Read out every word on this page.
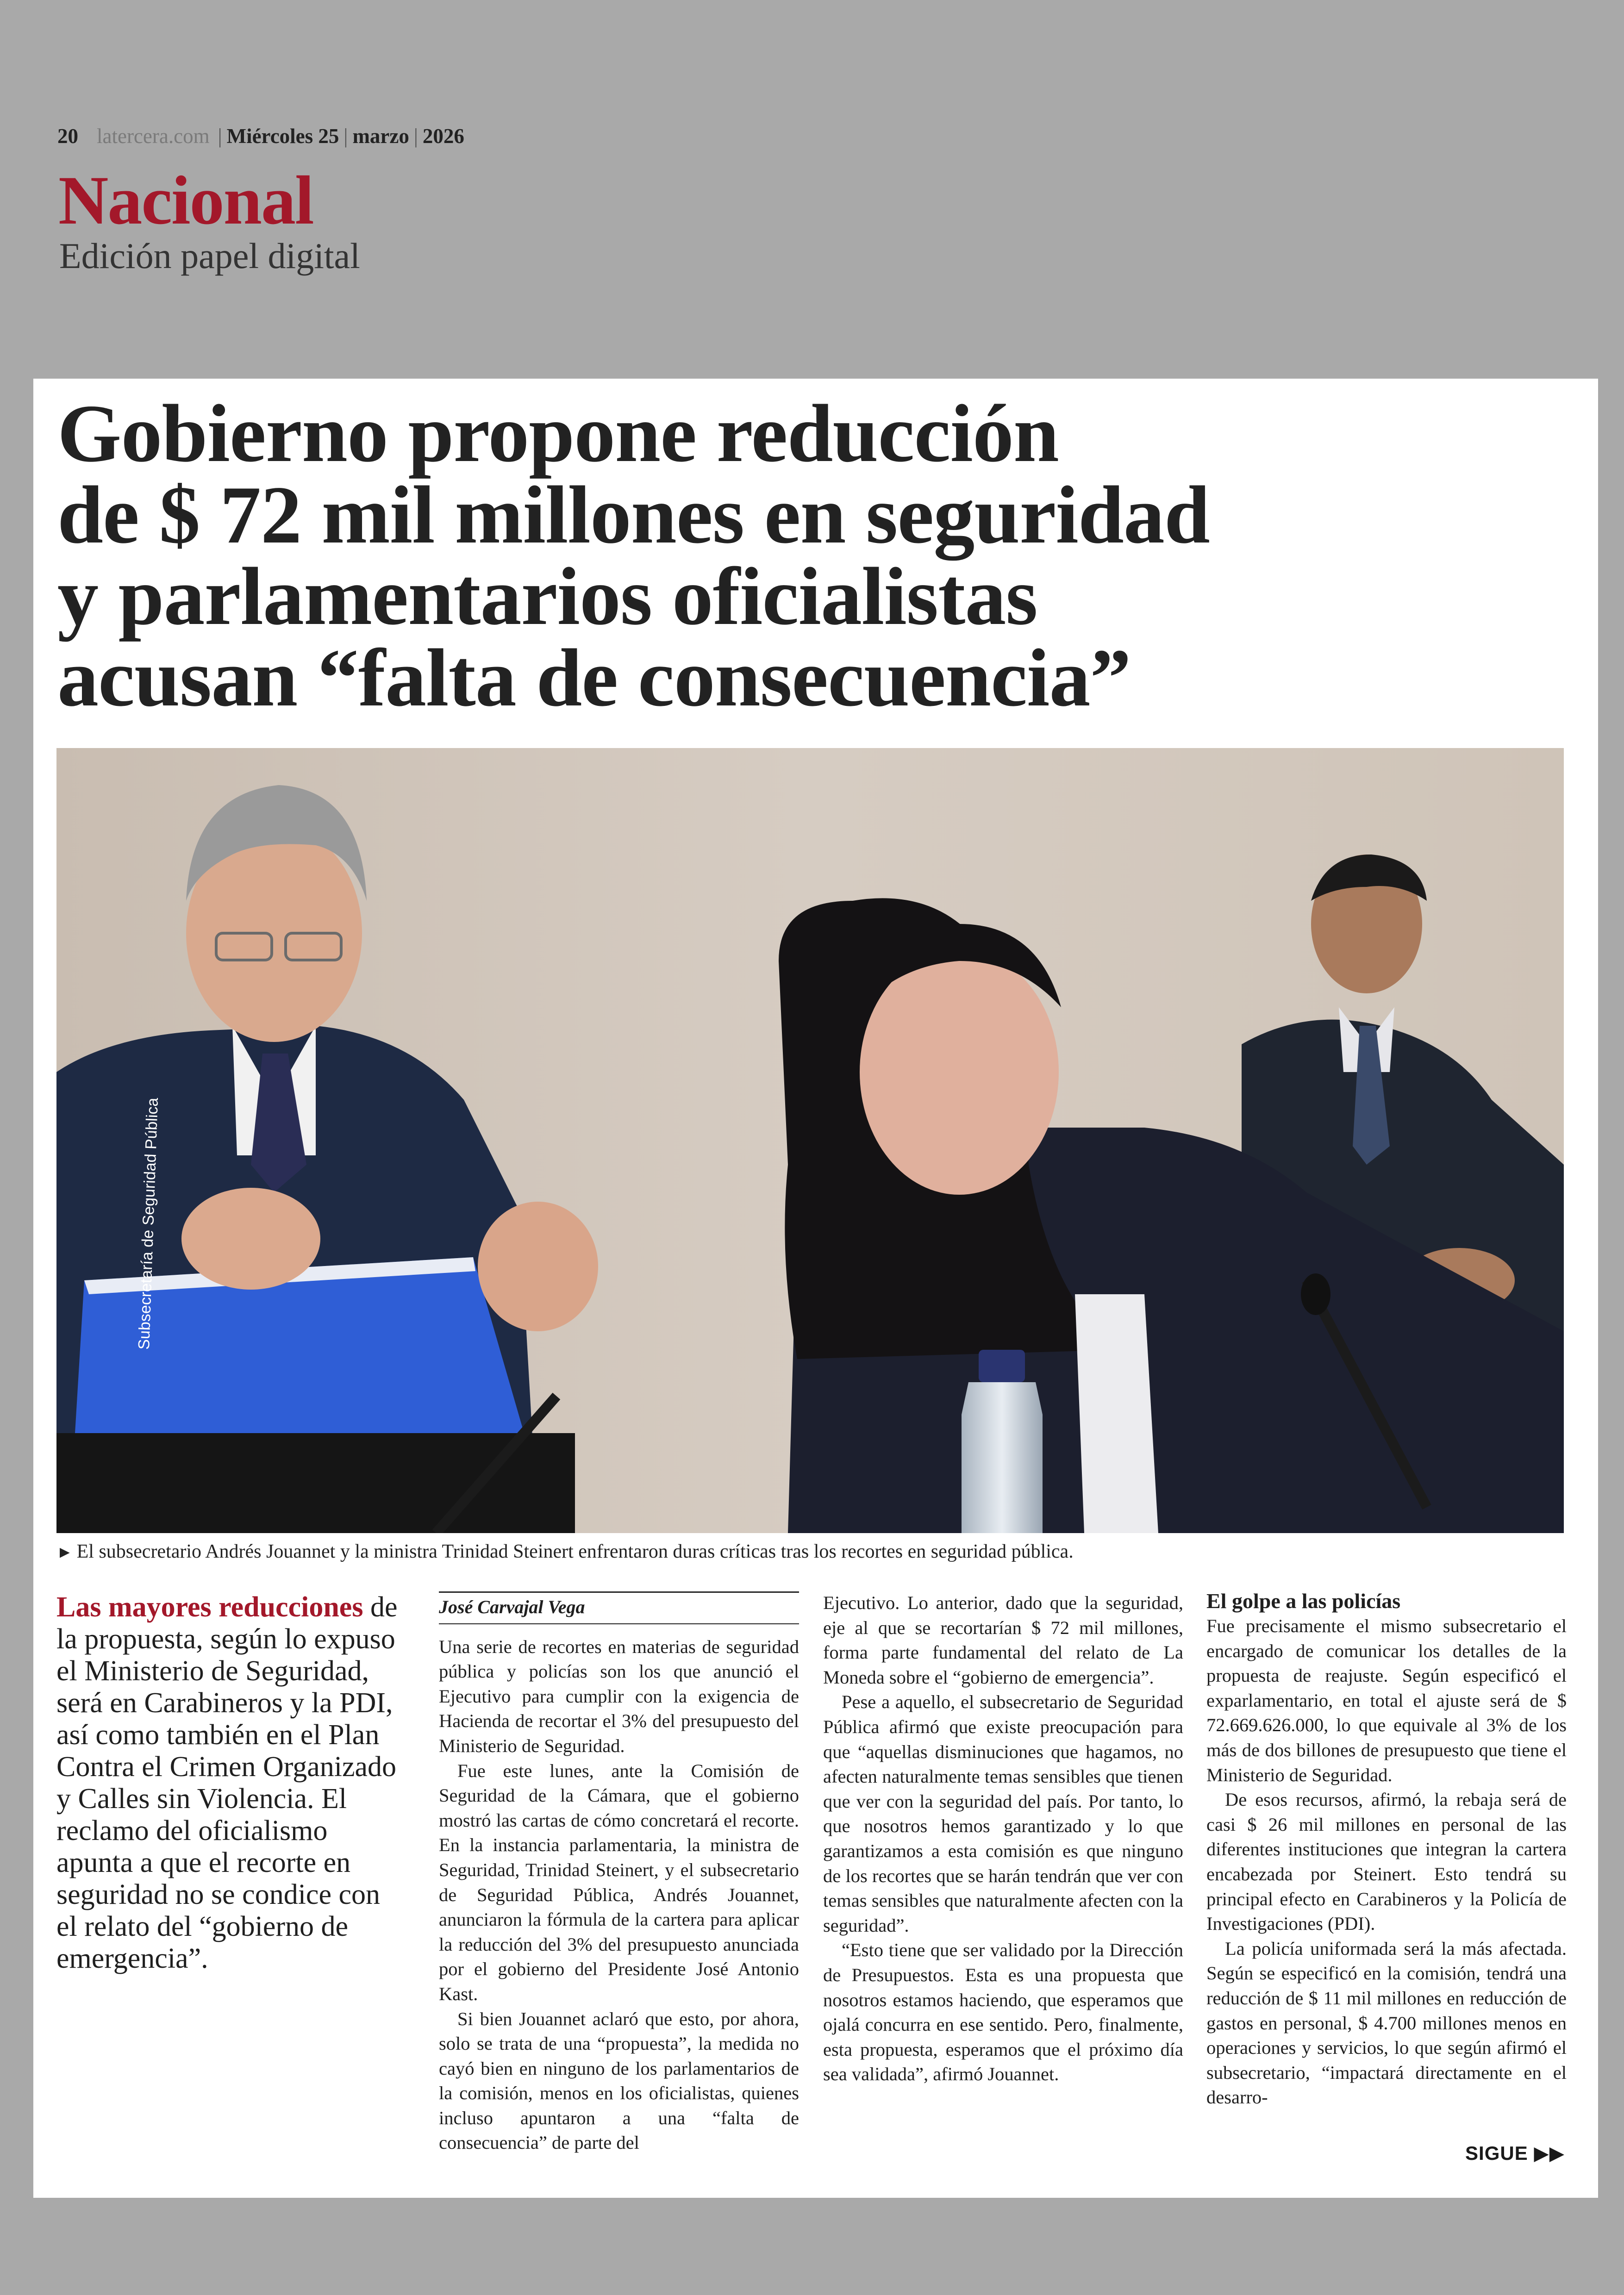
20 latercera.com | Miércoles 25 | marzo | 2026
Nacional
Edición papel digital
Gobierno propone reducción
de $ 72 mil millones en seguridad
y parlamentarios oficialistas
acusan “falta de consecuencia”
Subsecretaría de Seguridad Pública
► El subsecretario Andrés Jouannet y la ministra Trinidad Steinert enfrentaron duras críticas tras los recortes en seguridad pública.
Las mayores reducciones de la propuesta, según lo expuso el Ministerio de Seguridad, será en Carabineros y la PDI, así como también en el Plan Contra el Crimen Organizado y Calles sin Violencia. El reclamo del oficialismo apunta a que el recorte en seguridad no se condice con el relato del “gobierno de emergencia”.
José Carvajal Vega

Una serie de recortes en materias de seguridad pública y policías son los que anunció el Ejecutivo para cumplir con la exigencia de Hacienda de recortar el 3% del presupuesto del Ministerio de Seguridad.

Fue este lunes, ante la Comisión de Seguridad de la Cámara, que el gobierno mostró las cartas de cómo concretará el recorte. En la instancia parlamentaria, la ministra de Seguridad, Trinidad Steinert, y el subsecretario de Seguridad Pública, Andrés Jouannet, anunciaron la fórmula de la cartera para aplicar la reducción del 3% del presupuesto anunciada por el gobierno del Presidente José Antonio Kast.

Si bien Jouannet aclaró que esto, por ahora, solo se trata de una “propuesta”, la medida no cayó bien en ninguno de los parlamentarios de la comisión, menos en los oficialistas, quienes incluso apuntaron a una “falta de consecuencia” de parte del

Ejecutivo. Lo anterior, dado que la seguridad, eje al que se recortarían $ 72 mil millones, forma parte fundamental del relato de La Moneda sobre el “gobierno de emergencia”.

Pese a aquello, el subsecretario de Seguridad Pública afirmó que existe preocupación para que “aquellas disminuciones que hagamos, no afecten naturalmente temas sensibles que tienen que ver con la seguridad del país. Por tanto, lo que nosotros hemos garantizado y lo que garantizamos a esta comisión es que ninguno de los recortes que se harán tendrán que ver con temas sensibles que naturalmente afecten con la seguridad”.

“Esto tiene que ser validado por la Dirección de Presupuestos. Esta es una propuesta que nosotros estamos haciendo, que esperamos que ojalá concurra en ese sentido. Pero, finalmente, esta propuesta, esperamos que el próximo día sea validada”, afirmó Jouannet.

El golpe a las policías

Fue precisamente el mismo subsecretario el encargado de comunicar los detalles de la propuesta de reajuste. Según especificó el exparlamentario, en total el ajuste será de $ 72.669.626.000, lo que equivale al 3% de los más de dos billones de presupuesto que tiene el Ministerio de Seguridad.

De esos recursos, afirmó, la rebaja será de casi $ 26 mil millones en personal de las diferentes instituciones que integran la cartera encabezada por Steinert. Esto tendrá su principal efecto en Carabineros y la Policía de Investigaciones (PDI).

La policía uniformada será la más afectada. Según se especificó en la comisión, tendrá una reducción de $ 11 mil millones en reducción de gastos en personal, $ 4.700 millones menos en operaciones y servicios, lo que según afirmó el subsecretario, “impactará directamente en el desarro-

SIGUE ▶▶
